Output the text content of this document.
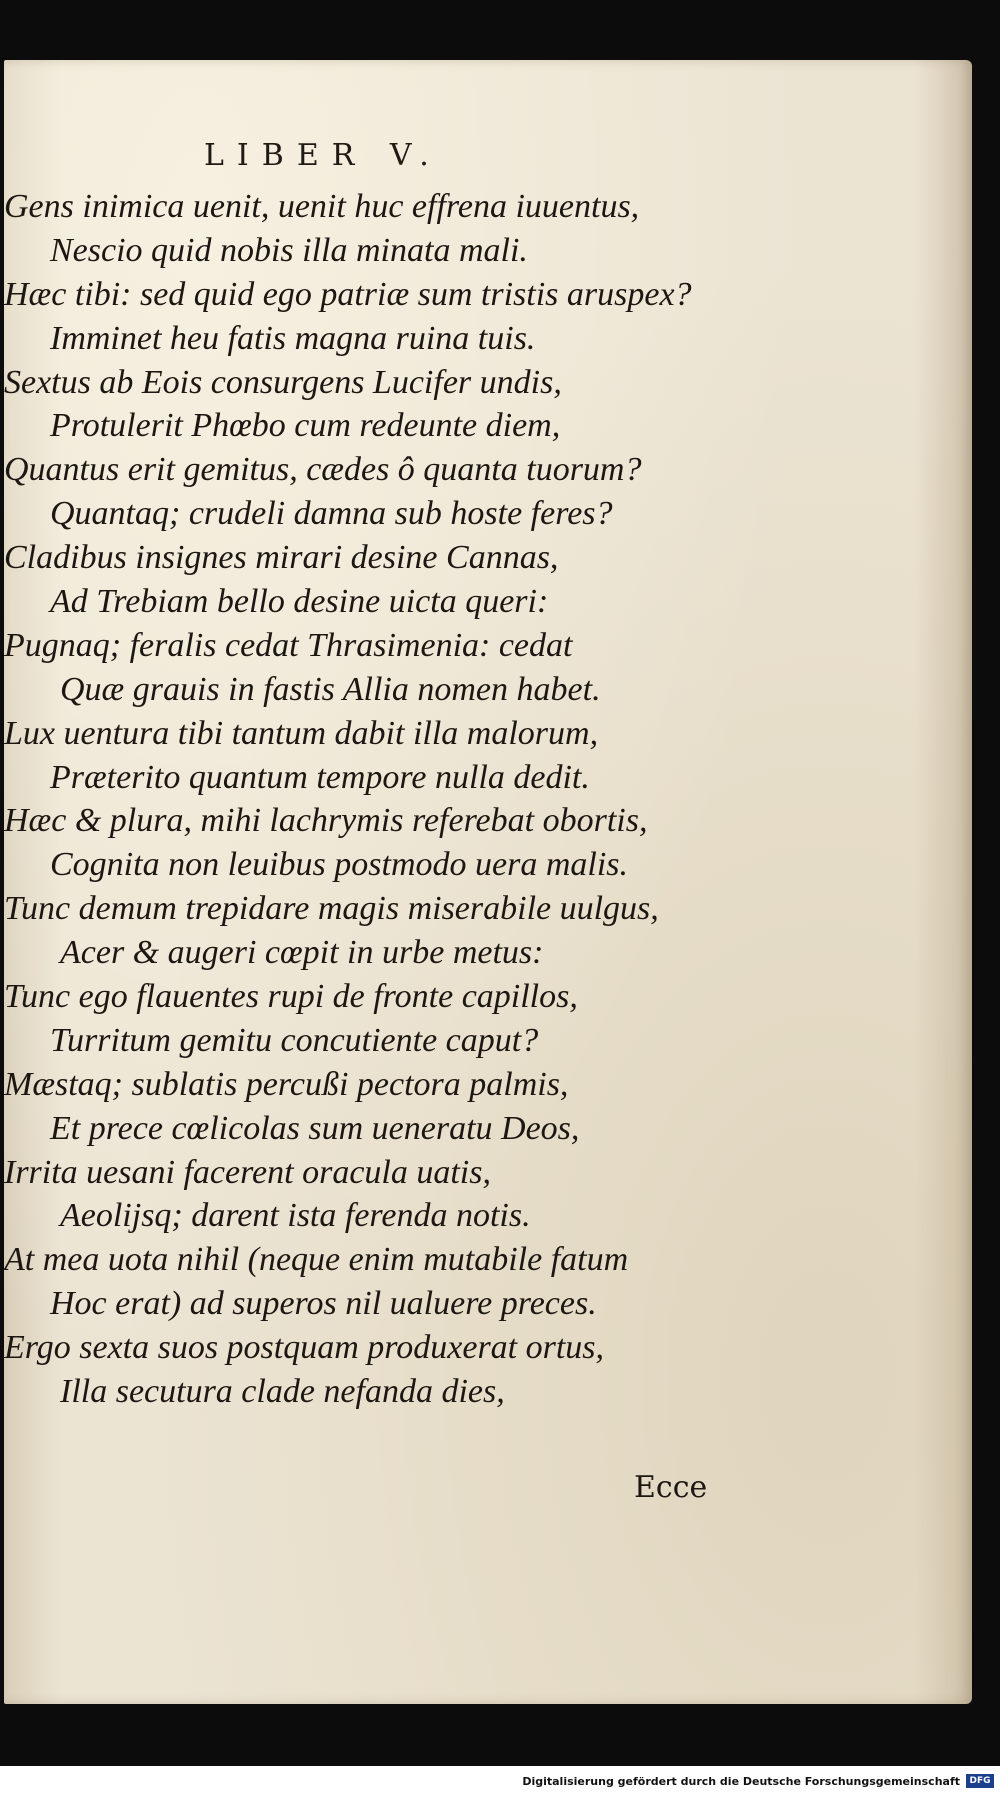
LIBER V.

Gens inimica uenit, uenit huc effrena iuuentus,
Nescio quid nobis illa minata mali.
Hæc tibi: sed quid ego patriæ sum tristis aruspex?
Imminet heu fatis magna ruina tuis.
Sextus ab Eois consurgens Lucifer undis,
Protulerit Phœbo cum redeunte diem,
Quantus erit gemitus, cædes ô quanta tuorum?
Quantaq; crudeli damna sub hoste feres?
Cladibus insignes mirari desine Cannas,
Ad Trebiam bello desine uicta queri:
Pugnaq; feralis cedat Thrasimenia: cedat
Quæ grauis in fastis Allia nomen habet.
Lux uentura tibi tantum dabit illa malorum,
Præterito quantum tempore nulla dedit.
Hæc & plura, mihi lachrymis referebat obortis,
Cognita non leuibus postmodo uera malis.
Tunc demum trepidare magis miserabile uulgus,
Acer & augeri cœpit in urbe metus:
Tunc ego flauentes rupi de fronte capillos,
Turritum gemitu concutiente caput?
Mæstaq; sublatis percußi pectora palmis,
Et prece cœlicolas sum ueneratu Deos,
Irrita uesani facerent oracula uatis,
Aeolijsq; darent ista ferenda notis.
At mea uota nihil (neque enim mutabile fatum
Hoc erat) ad superos nil ualuere preces.
Ergo sexta suos postquam produxerat ortus,
Illa secutura clade nefanda dies,

Ecce

Digitalisierung gefördert durch die Deutsche Forschungsgemeinschaft	DFG
